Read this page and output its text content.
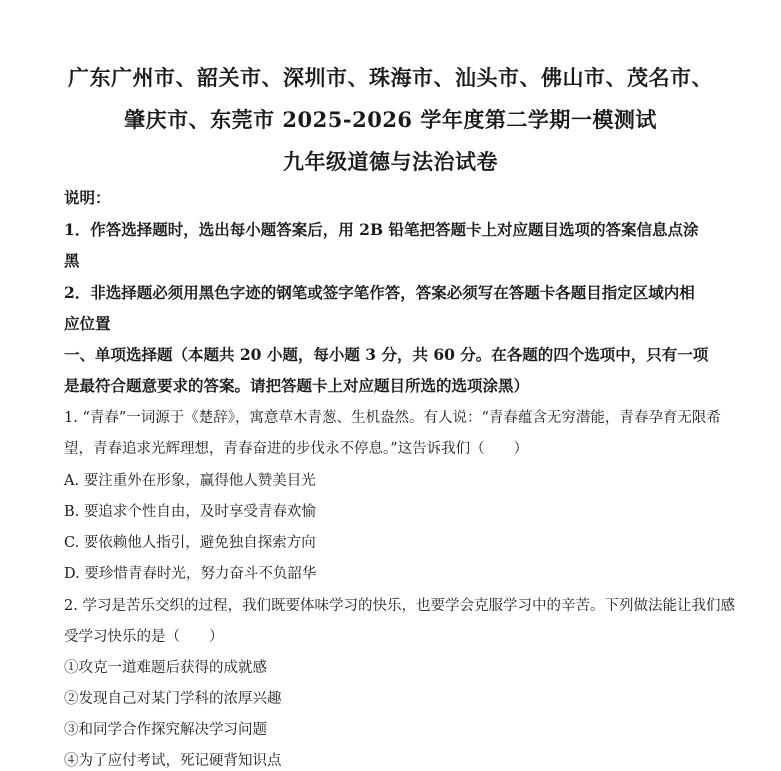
广东广州市、韶关市、深圳市、珠海市、汕头市、佛山市、茂名市、
肇庆市、东莞市 2025-2026 学年度第二学期一模测试
九年级道德与法治试卷
说明：
1．作答选择题时，选出每小题答案后，用 2B 铅笔把答题卡上对应题目选项的答案信息点涂
黑
2．非选择题必须用黑色字迹的钢笔或签字笔作答，答案必须写在答题卡各题目指定区域内相
应位置
一、单项选择题（本题共 20 小题，每小题 3 分，共 60 分。在各题的四个选项中，只有一项
是最符合题意要求的答案。请把答题卡上对应题目所选的选项涂黑）
1. “青春”一词源于《楚辞》，寓意草木青葱、生机盎然。有人说：“青春蕴含无穷潜能，青春孕育无限希
望，青春追求光辉理想，青春奋进的步伐永不停息。”这告诉我们（　　）
A. 要注重外在形象，赢得他人赞美目光
B. 要追求个性自由，及时享受青春欢愉
C. 要依赖他人指引，避免独自探索方向
D. 要珍惜青春时光，努力奋斗不负韶华
2. 学习是苦乐交织的过程，我们既要体味学习的快乐，也要学会克服学习中的辛苦。下列做法能让我们感
受学习快乐的是（　　）
①攻克一道难题后获得的成就感
②发现自己对某门学科的浓厚兴趣
③和同学合作探究解决学习问题
④为了应付考试，死记硬背知识点
